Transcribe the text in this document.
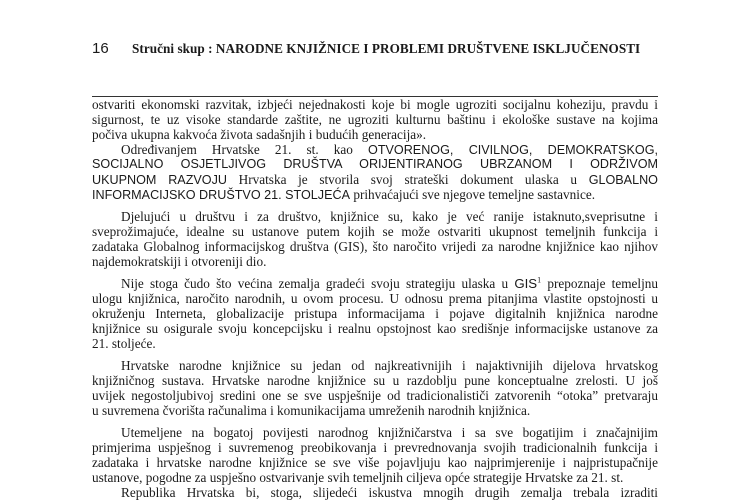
16 Stručni skup : NARODNE KNJIŽNICE I PROBLEMI DRUŠTVENE ISKLJUČENOSTI
ostvariti ekonomski razvitak, izbjeći nejednakosti koje bi mogle ugroziti socijalnu koheziju, pravdu i
sigurnost, te uz visoke standarde zaštite, ne ugroziti kulturnu baštinu i ekološke sustave na kojima
počiva ukupna kakvoća života sadašnjih i budućih generacija».
Određivanjem Hrvatske 21. st. kao OTVORENOG, CIVILNOG, DEMOKRATSKOG,
SOCIJALNO OSJETLJIVOG DRUŠTVA ORIJENTIRANOG UBRZANOM I ODRŽIVOM
UKUPNOM RAZVOJU Hrvatska je stvorila svoj strateški dokument ulaska u GLOBALNO
INFORMACIJSKO DRUŠTVO 21. STOLJEĆA prihvaćajući sve njegove temeljne sastavnice.
Djelujući u društvu i za društvo, knjižnice su, kako je već ranije istaknuto,sveprisutne i
sveprožimajuće, idealne su ustanove putem kojih se može ostvariti ukupnost temeljnih funkcija i
zadataka Globalnog informacijskog društva (GIS), što naročito vrijedi za narodne knjižnice kao njihov
najdemokratskiji i otvoreniji dio.
Nije stoga čudo što većina zemalja gradeći svoju strategiju ulaska u GIS$^1$ prepoznaje temeljnu
ulogu knjižnica, naročito narodnih, u ovom procesu. U odnosu prema pitanjima vlastite opstojnosti u
okruženju Interneta, globalizacije pristupa informacijama i pojave digitalnih knjižnica narodne
knjižnice su osigurale svoju koncepcijsku i realnu opstojnost kao središnje informacijske ustanove za
21. stoljeće.
Hrvatske narodne knjižnice su jedan od najkreativnijih i najaktivnijih dijelova hrvatskog
knjižničnog sustava. Hrvatske narodne knjižnice su u razdoblju pune konceptualne zrelosti. U još
uvijek negostoljubivoj sredini one se sve uspješnije od tradicionalističi zatvorenih “otoka” pretvaraju
u suvremena čvorišta računalima i komunikacijama umreženih narodnih knjižnica.
Utemeljene na bogatoj povijesti narodnog knjižničarstva i sa sve bogatijim i značajnijim
primjerima uspješnog i suvremenog preobikovanja i prevrednovanja svojih tradicionalnih funkcija i
zadataka i hrvatske narodne knjižnice se sve više pojavljuju kao najprimjerenije i najpristupačnije
ustanove, pogodne za uspješno ostvarivanje svih temeljnih ciljeva opće strategije Hrvatske za 21. st.
Republika Hrvatska bi, stoga, slijedeći iskustva mnogih drugih zemalja trebala izraditi
